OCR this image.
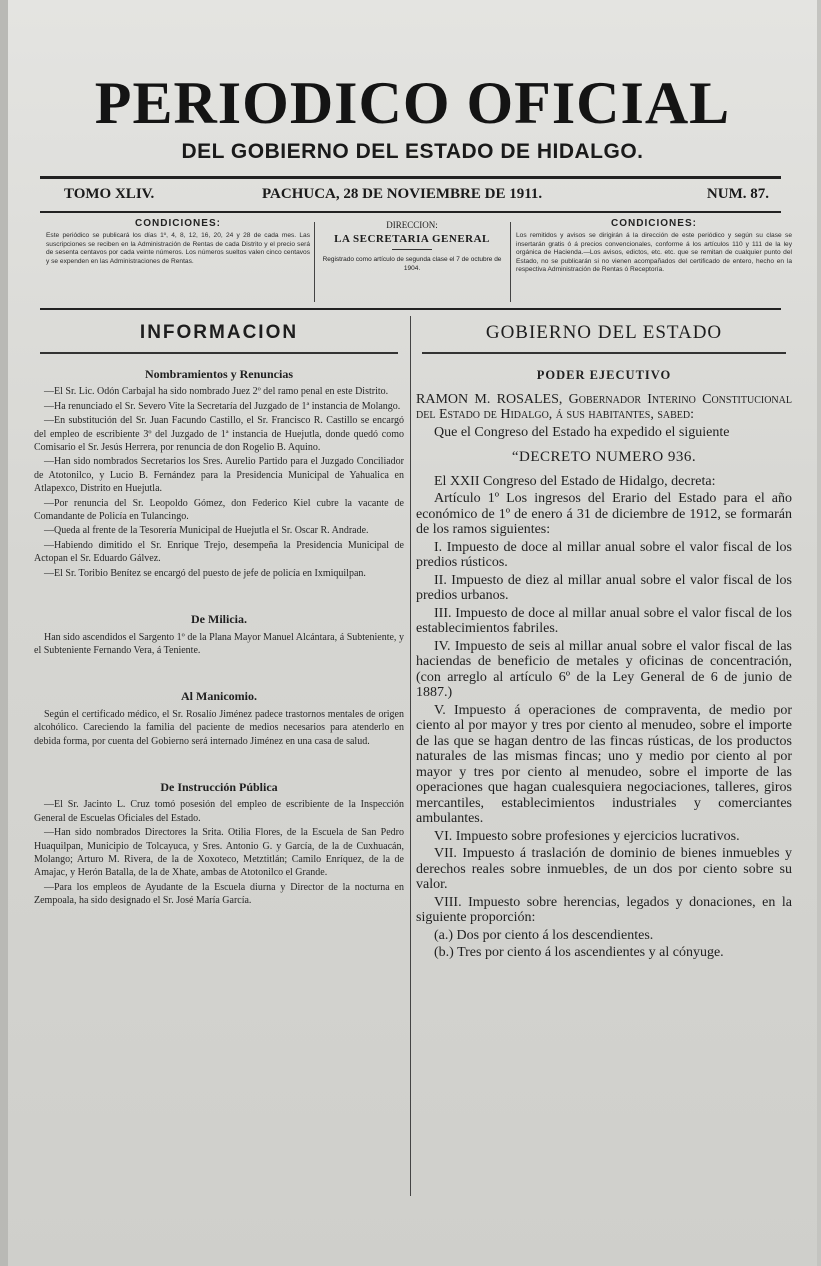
PERIODICO OFICIAL
DEL GOBIERNO DEL ESTADO DE HIDALGO.
TOMO XLIV.	PACHUCA, 28 DE NOVIEMBRE DE 1911.	NUM. 87.
CONDICIONES:

Este periódico se publicará los días 1º, 4, 8, 12, 16, 20, 24 y 28 de cada mes. Las suscripciones se reciben en la Administración de Rentas de cada Distrito y el precio será de sesenta centavos por cada veinte números. Los números sueltos valen cinco centavos y se expenden en las Administraciones de Rentas.

DIRECCION:
LA SECRETARIA GENERAL
Registrado como artículo de segunda clase el 7 de octubre de 1904.
CONDICIONES:

Los remitidos y avisos se dirigirán á la dirección de este periódico y según su clase se insertarán gratis ó á precios convencionales, conforme á los artículos 110 y 111 de la ley orgánica de Hacienda.—Los avisos, edictos, etc. etc. que se remitan de cualquier punto del Estado, no se publicarán si no vienen acompañados del certificado de entero, hecho en la respectiva Administración de Rentas ó Receptoría.

INFORMACION
Nombramientos y Renuncias

—El Sr. Lic. Odón Carbajal ha sido nombrado Juez 2º del ramo penal en este Distrito.

—Ha renunciado el Sr. Severo Vite la Secretaría del Juzgado de 1ª instancia de Molango.

—En substitución del Sr. Juan Facundo Castillo, el Sr. Francisco R. Castillo se encargó del empleo de escribiente 3º del Juzgado de 1ª instancia de Huejutla, donde quedó como Comisario el Sr. Jesús Herrera, por renuncia de don Rogelio B. Aquino.

—Han sido nombrados Secretarios los Sres. Aurelio Partido para el Juzgado Conciliador de Atotonilco, y Lucio B. Fernández para la Presidencia Municipal de Yahualica en Atlapexco, Distrito en Huejutla.

—Por renuncia del Sr. Leopoldo Gómez, don Federico Kiel cubre la vacante de Comandante de Policía en Tulancingo.

—Queda al frente de la Tesorería Municipal de Huejutla el Sr. Oscar R. Andrade.

—Habiendo dimitido el Sr. Enrique Trejo, desempeña la Presidencia Municipal de Actopan el Sr. Eduardo Gálvez.

—El Sr. Toribio Benítez se encargó del puesto de jefe de policía en Ixmiquilpan.

De Milicia.

Han sido ascendidos el Sargento 1º de la Plana Mayor Manuel Alcántara, á Subteniente, y el Subteniente Fernando Vera, á Teniente.

Al Manicomio.

Según el certificado médico, el Sr. Rosalío Jiménez padece trastornos mentales de origen alcohólico. Careciendo la familia del paciente de medios necesarios para atenderlo en debida forma, por cuenta del Gobierno será internado Jiménez en una casa de salud.

De Instrucción Pública

—El Sr. Jacinto L. Cruz tomó posesión del empleo de escribiente de la Inspección General de Escuelas Oficiales del Estado.

—Han sido nombrados Directores la Srita. Otilia Flores, de la Escuela de San Pedro Huaquilpan, Municipio de Tolcayuca, y Sres. Antonio G. y García, de la de Cuxhuacán, Molango; Arturo M. Rivera, de la de Xoxoteco, Metztitlán; Camilo Enríquez, de la de Amajac, y Herón Batalla, de la de Xhate, ambas de Atotonilco el Grande.

—Para los empleos de Ayudante de la Escuela diurna y Director de la nocturna en Zempoala, ha sido designado el Sr. José María García.

GOBIERNO DEL ESTADO
PODER EJECUTIVO

RAMON M. ROSALES, Gobernador Interino Constitucional del Estado de Hidalgo, á sus habitantes, sabed:

Que el Congreso del Estado ha expedido el siguiente

“DECRETO NUMERO 936.

El XXII Congreso del Estado de Hidalgo, decreta:

Artículo 1º Los ingresos del Erario del Estado para el año económico de 1º de enero á 31 de diciembre de 1912, se formarán de los ramos siguientes:

I. Impuesto de doce al millar anual sobre el valor fiscal de los predios rústicos.

II. Impuesto de diez al millar anual sobre el valor fiscal de los predios urbanos.

III. Impuesto de doce al millar anual sobre el valor fiscal de los establecimientos fabriles.

IV. Impuesto de seis al millar anual sobre el valor fiscal de las haciendas de beneficio de metales y oficinas de concentración, (con arreglo al artículo 6º de la Ley General de 6 de junio de 1887.)

V. Impuesto á operaciones de compraventa, de medio por ciento al por mayor y tres por ciento al menudeo, sobre el importe de las que se hagan dentro de las fincas rústicas, de los productos naturales de las mismas fincas; uno y medio por ciento al por mayor y tres por ciento al menudeo, sobre el importe de las operaciones que hagan cualesquiera negociaciones, talleres, giros mercantiles, establecimientos industriales y comerciantes ambulantes.

VI. Impuesto sobre profesiones y ejercicios lucrativos.

VII. Impuesto á traslación de dominio de bienes inmuebles y derechos reales sobre inmuebles, de un dos por ciento sobre su valor.

VIII. Impuesto sobre herencias, legados y donaciones, en la siguiente proporción:

(a.) Dos por ciento á los descendientes.

(b.) Tres por ciento á los ascendientes y al cónyuge.
